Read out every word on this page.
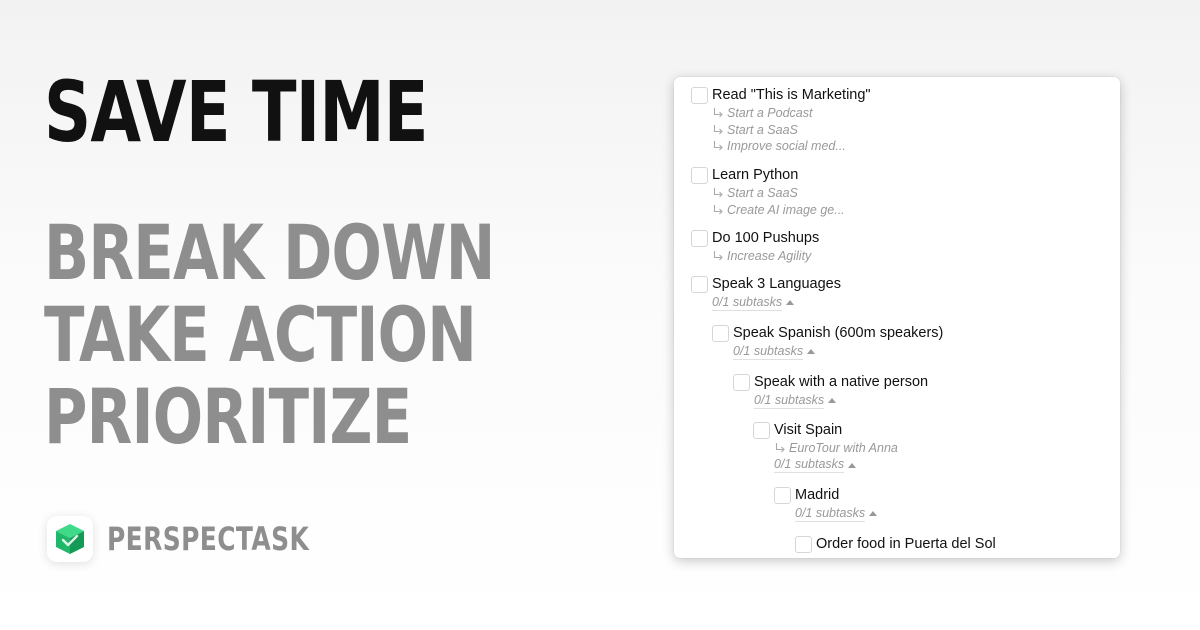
SAVE TIME
BREAK DOWN
TAKE ACTION
PRIORITIZE
PERSPECTASK
Read "This is Marketing"
Start a Podcast
Start a SaaS
Improve social med...
Learn Python
Start a SaaS
Create AI image ge...
Do 100 Pushups
Increase Agility
Speak 3 Languages
0/1 subtasks
Speak Spanish (600m speakers)
0/1 subtasks
Speak with a native person
0/1 subtasks
Visit Spain
EuroTour with Anna
0/1 subtasks
Madrid
0/1 subtasks
Order food in Puerta del Sol
